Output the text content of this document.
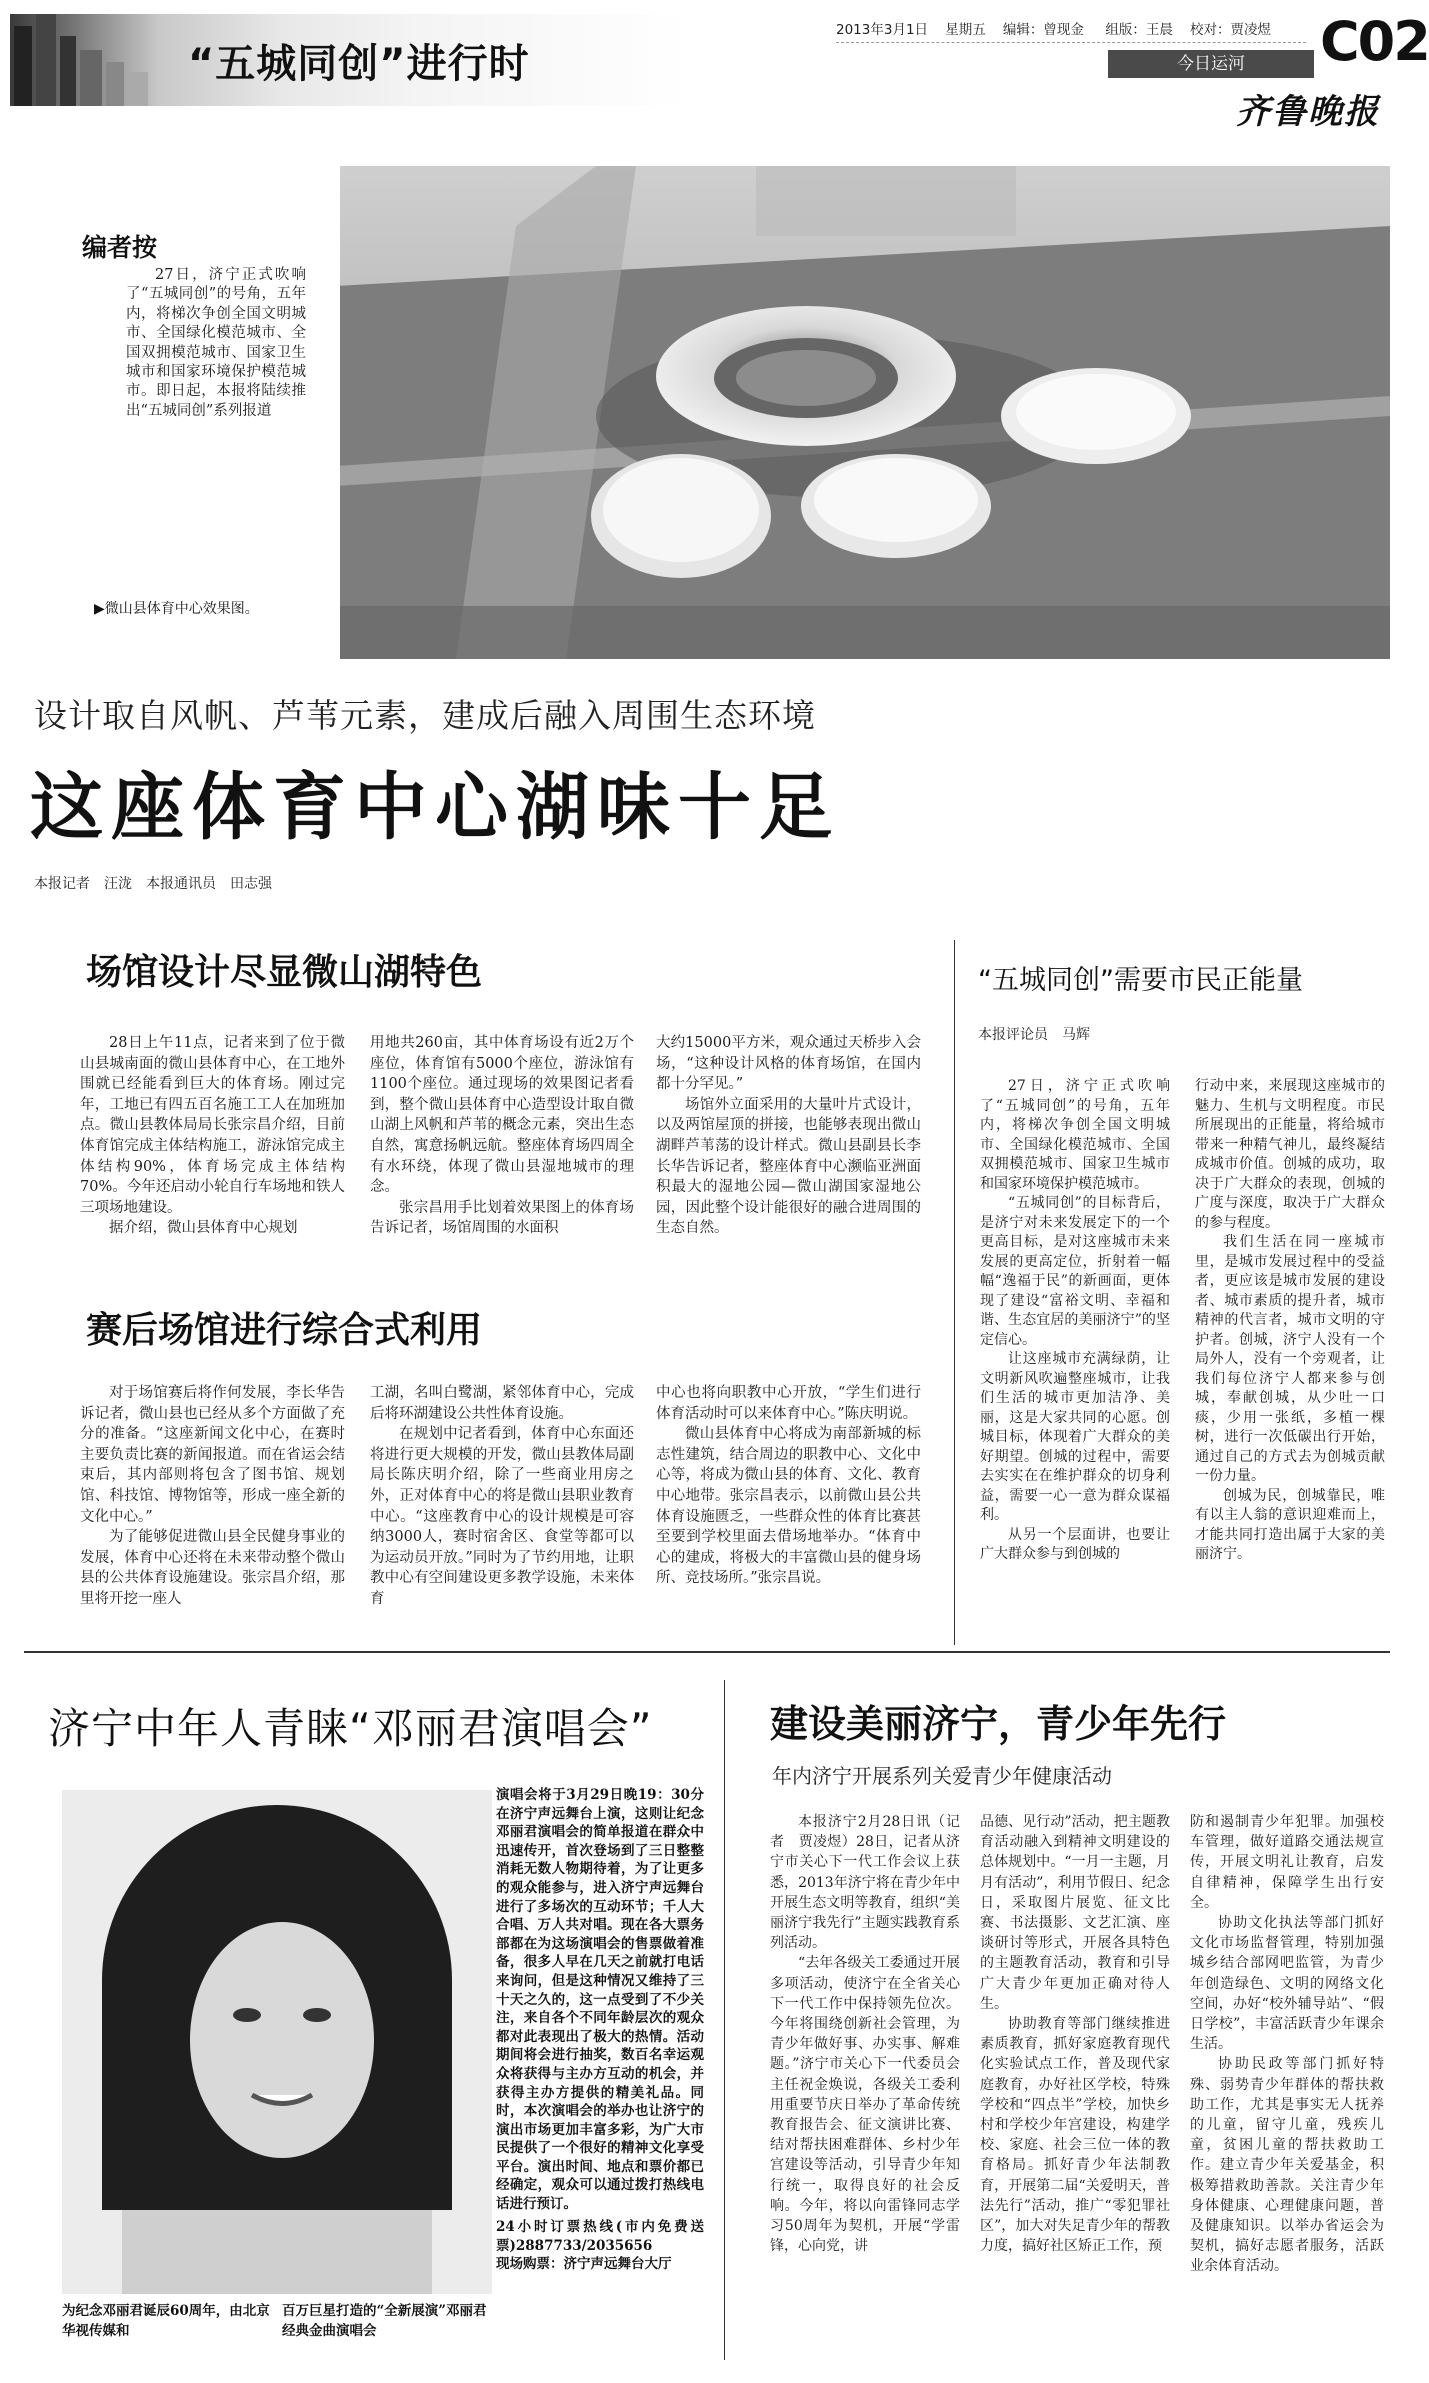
“五城同创”进行时
2013年3月1日 星期五 编辑：曾现金 组版：王晨 校对：贾凌煜
今日运河	C02
齐鲁晚报
编者按

27日，济宁正式吹响了“五城同创”的号角，五年内，将梯次争创全国文明城市、全国绿化模范城市、全国双拥模范城市、国家卫生城市和国家环境保护模范城市。即日起，本报将陆续推出“五城同创”系列报道

▶微山县体育中心效果图。
设计取自风帆、芦苇元素，建成后融入周围生态环境
这座体育中心湖味十足
本报记者　汪泷　本报通讯员　田志强
场馆设计尽显微山湖特色

28日上午11点，记者来到了位于微山县城南面的微山县体育中心，在工地外围就已经能看到巨大的体育场。刚过完年，工地已有四五百名施工工人在加班加点。微山县教体局局长张宗昌介绍，目前体育馆完成主体结构施工，游泳馆完成主体结构90%，体育场完成主体结构70%。今年还启动小轮自行车场地和铁人三项场地建设。

据介绍，微山县体育中心规划

用地共260亩，其中体育场设有近2万个座位，体育馆有5000个座位，游泳馆有1100个座位。通过现场的效果图记者看到，整个微山县体育中心造型设计取自微山湖上风帆和芦苇的概念元素，突出生态自然，寓意扬帆远航。整座体育场四周全有水环绕，体现了微山县湿地城市的理念。

张宗昌用手比划着效果图上的体育场告诉记者，场馆周围的水面积

大约15000平方米，观众通过天桥步入会场，“这种设计风格的体育场馆，在国内都十分罕见。”

场馆外立面采用的大量叶片式设计，以及两馆屋顶的拼接，也能够表现出微山湖畔芦苇荡的设计样式。微山县副县长李长华告诉记者，整座体育中心濒临亚洲面积最大的湿地公园—微山湖国家湿地公园，因此整个设计能很好的融合进周围的生态自然。

赛后场馆进行综合式利用

对于场馆赛后将作何发展，李长华告诉记者，微山县也已经从多个方面做了充分的准备。“这座新闻文化中心，在赛时主要负责比赛的新闻报道。而在省运会结束后，其内部则将包含了图书馆、规划馆、科技馆、博物馆等，形成一座全新的文化中心。”

为了能够促进微山县全民健身事业的发展，体育中心还将在未来带动整个微山县的公共体育设施建设。张宗昌介绍，那里将开挖一座人

工湖，名叫白鹭湖，紧邻体育中心，完成后将环湖建设公共性体育设施。

在规划中记者看到，体育中心东面还将进行更大规模的开发，微山县教体局副局长陈庆明介绍，除了一些商业用房之外，正对体育中心的将是微山县职业教育中心。“这座教育中心的设计规模是可容纳3000人，赛时宿舍区、食堂等都可以为运动员开放。”同时为了节约用地，让职教中心有空间建设更多教学设施，未来体育

中心也将向职教中心开放，“学生们进行体育活动时可以来体育中心。”陈庆明说。

微山县体育中心将成为南部新城的标志性建筑，结合周边的职教中心、文化中心等，将成为微山县的体育、文化、教育中心地带。张宗昌表示，以前微山县公共体育设施匮乏，一些群众性的体育比赛甚至要到学校里面去借场地举办。“体育中心的建成，将极大的丰富微山县的健身场所、竞技场所。”张宗昌说。

“五城同创”需要市民正能量
本报评论员　马辉

27日，济宁正式吹响了“五城同创”的号角，五年内，将梯次争创全国文明城市、全国绿化模范城市、全国双拥模范城市、国家卫生城市和国家环境保护模范城市。

“五城同创”的目标背后，是济宁对未来发展定下的一个更高目标，是对这座城市未来发展的更高定位，折射着一幅幅“逸福于民”的新画面，更体现了建设“富裕文明、幸福和谐、生态宜居的美丽济宁”的坚定信心。

让这座城市充满绿荫，让文明新风吹遍整座城市，让我们生活的城市更加洁净、美丽，这是大家共同的心愿。创城目标，体现着广大群众的美好期望。创城的过程中，需要去实实在在维护群众的切身利益，需要一心一意为群众谋福利。

从另一个层面讲，也要让广大群众参与到创城的

行动中来，来展现这座城市的魅力、生机与文明程度。市民所展现出的正能量，将给城市带来一种精气神儿，最终凝结成城市价值。创城的成功，取决于广大群众的表现，创城的广度与深度，取决于广大群众的参与程度。

我们生活在同一座城市里，是城市发展过程中的受益者，更应该是城市发展的建设者、城市素质的提升者，城市精神的代言者，城市文明的守护者。创城，济宁人没有一个局外人，没有一个旁观者，让我们每位济宁人都来参与创城，奉献创城，从少吐一口痰，少用一张纸，多植一棵树，进行一次低碳出行开始，通过自己的方式去为创城贡献一份力量。

创城为民，创城靠民，唯有以主人翁的意识迎难而上，才能共同打造出属于大家的美丽济宁。

济宁中年人青睐“邓丽君演唱会”
演唱会将于3月29日晚19：30分在济宁声远舞台上演，这则让纪念邓丽君演唱会的简单报道在群众中迅速传开，首次登场到了三日整整消耗无数人物期待着，为了让更多的观众能参与，进入济宁声远舞台进行了多场次的互动环节；千人大合唱、万人共对唱。现在各大票务部都在为这场演唱会的售票做着准备，很多人早在几天之前就打电话来询问，但是这种情况又维持了三十天之久的，这一点受到了不少关注，来自各个不同年龄层次的观众都对此表现出了极大的热情。活动期间将会进行抽奖，数百名幸运观众将获得与主办方互动的机会，并获得主办方提供的精美礼品。同时，本次演唱会的举办也让济宁的演出市场更加丰富多彩，为广大市民提供了一个很好的精神文化享受平台。演出时间、地点和票价都已经确定，观众可以通过拨打热线电话进行预订。
24小时订票热线(市内免费送票)2887733/2035656
现场购票：济宁声远舞台大厅
为纪念邓丽君诞辰60周年，由北京华视传媒和百万巨星打造的“全新展演”邓丽君经典金曲演唱会
建设美丽济宁，青少年先行
年内济宁开展系列关爱青少年健康活动

本报济宁2月28日讯（记者　贾凌煜）28日，记者从济宁市关心下一代工作会议上获悉，2013年济宁将在青少年中开展生态文明等教育，组织“美丽济宁我先行”主题实践教育系列活动。

“去年各级关工委通过开展多项活动，使济宁在全省关心下一代工作中保持领先位次。今年将围绕创新社会管理，为青少年做好事、办实事、解难题。”济宁市关心下一代委员会主任祝金焕说，各级关工委利用重要节庆日举办了革命传统教育报告会、征文演讲比赛、结对帮扶困难群体、乡村少年宫建设等活动，引导青少年知行统一，取得良好的社会反响。今年，将以向雷锋同志学习50周年为契机，开展“学雷锋，心向党，讲

品德、见行动”活动，把主题教育活动融入到精神文明建设的总体规划中。“一月一主题，月月有活动”，利用节假日、纪念日，采取图片展览、征文比赛、书法摄影、文艺汇演、座谈研讨等形式，开展各具特色的主题教育活动，教育和引导广大青少年更加正确对待人生。

协助教育等部门继续推进素质教育，抓好家庭教育现代化实验试点工作，普及现代家庭教育，办好社区学校，特殊学校和“四点半”学校，加快乡村和学校少年宫建设，构建学校、家庭、社会三位一体的教育格局。抓好青少年法制教育，开展第二届“关爱明天，普法先行”活动，推广“零犯罪社区”，加大对失足青少年的帮教力度，搞好社区矫正工作，预

防和遏制青少年犯罪。加强校车管理，做好道路交通法规宣传，开展文明礼让教育，启发自律精神，保障学生出行安全。

协助文化执法等部门抓好文化市场监督管理，特别加强城乡结合部网吧监管，为青少年创造绿色、文明的网络文化空间，办好“校外辅导站”、“假日学校”，丰富活跃青少年课余生活。

协助民政等部门抓好特殊、弱势青少年群体的帮扶救助工作，尤其是事实无人抚养的儿童，留守儿童，残疾儿童，贫困儿童的帮扶救助工作。建立青少年关爱基金，积极筹措救助善款。关注青少年身体健康、心理健康问题，普及健康知识。以举办省运会为契机，搞好志愿者服务，活跃业余体育活动。
